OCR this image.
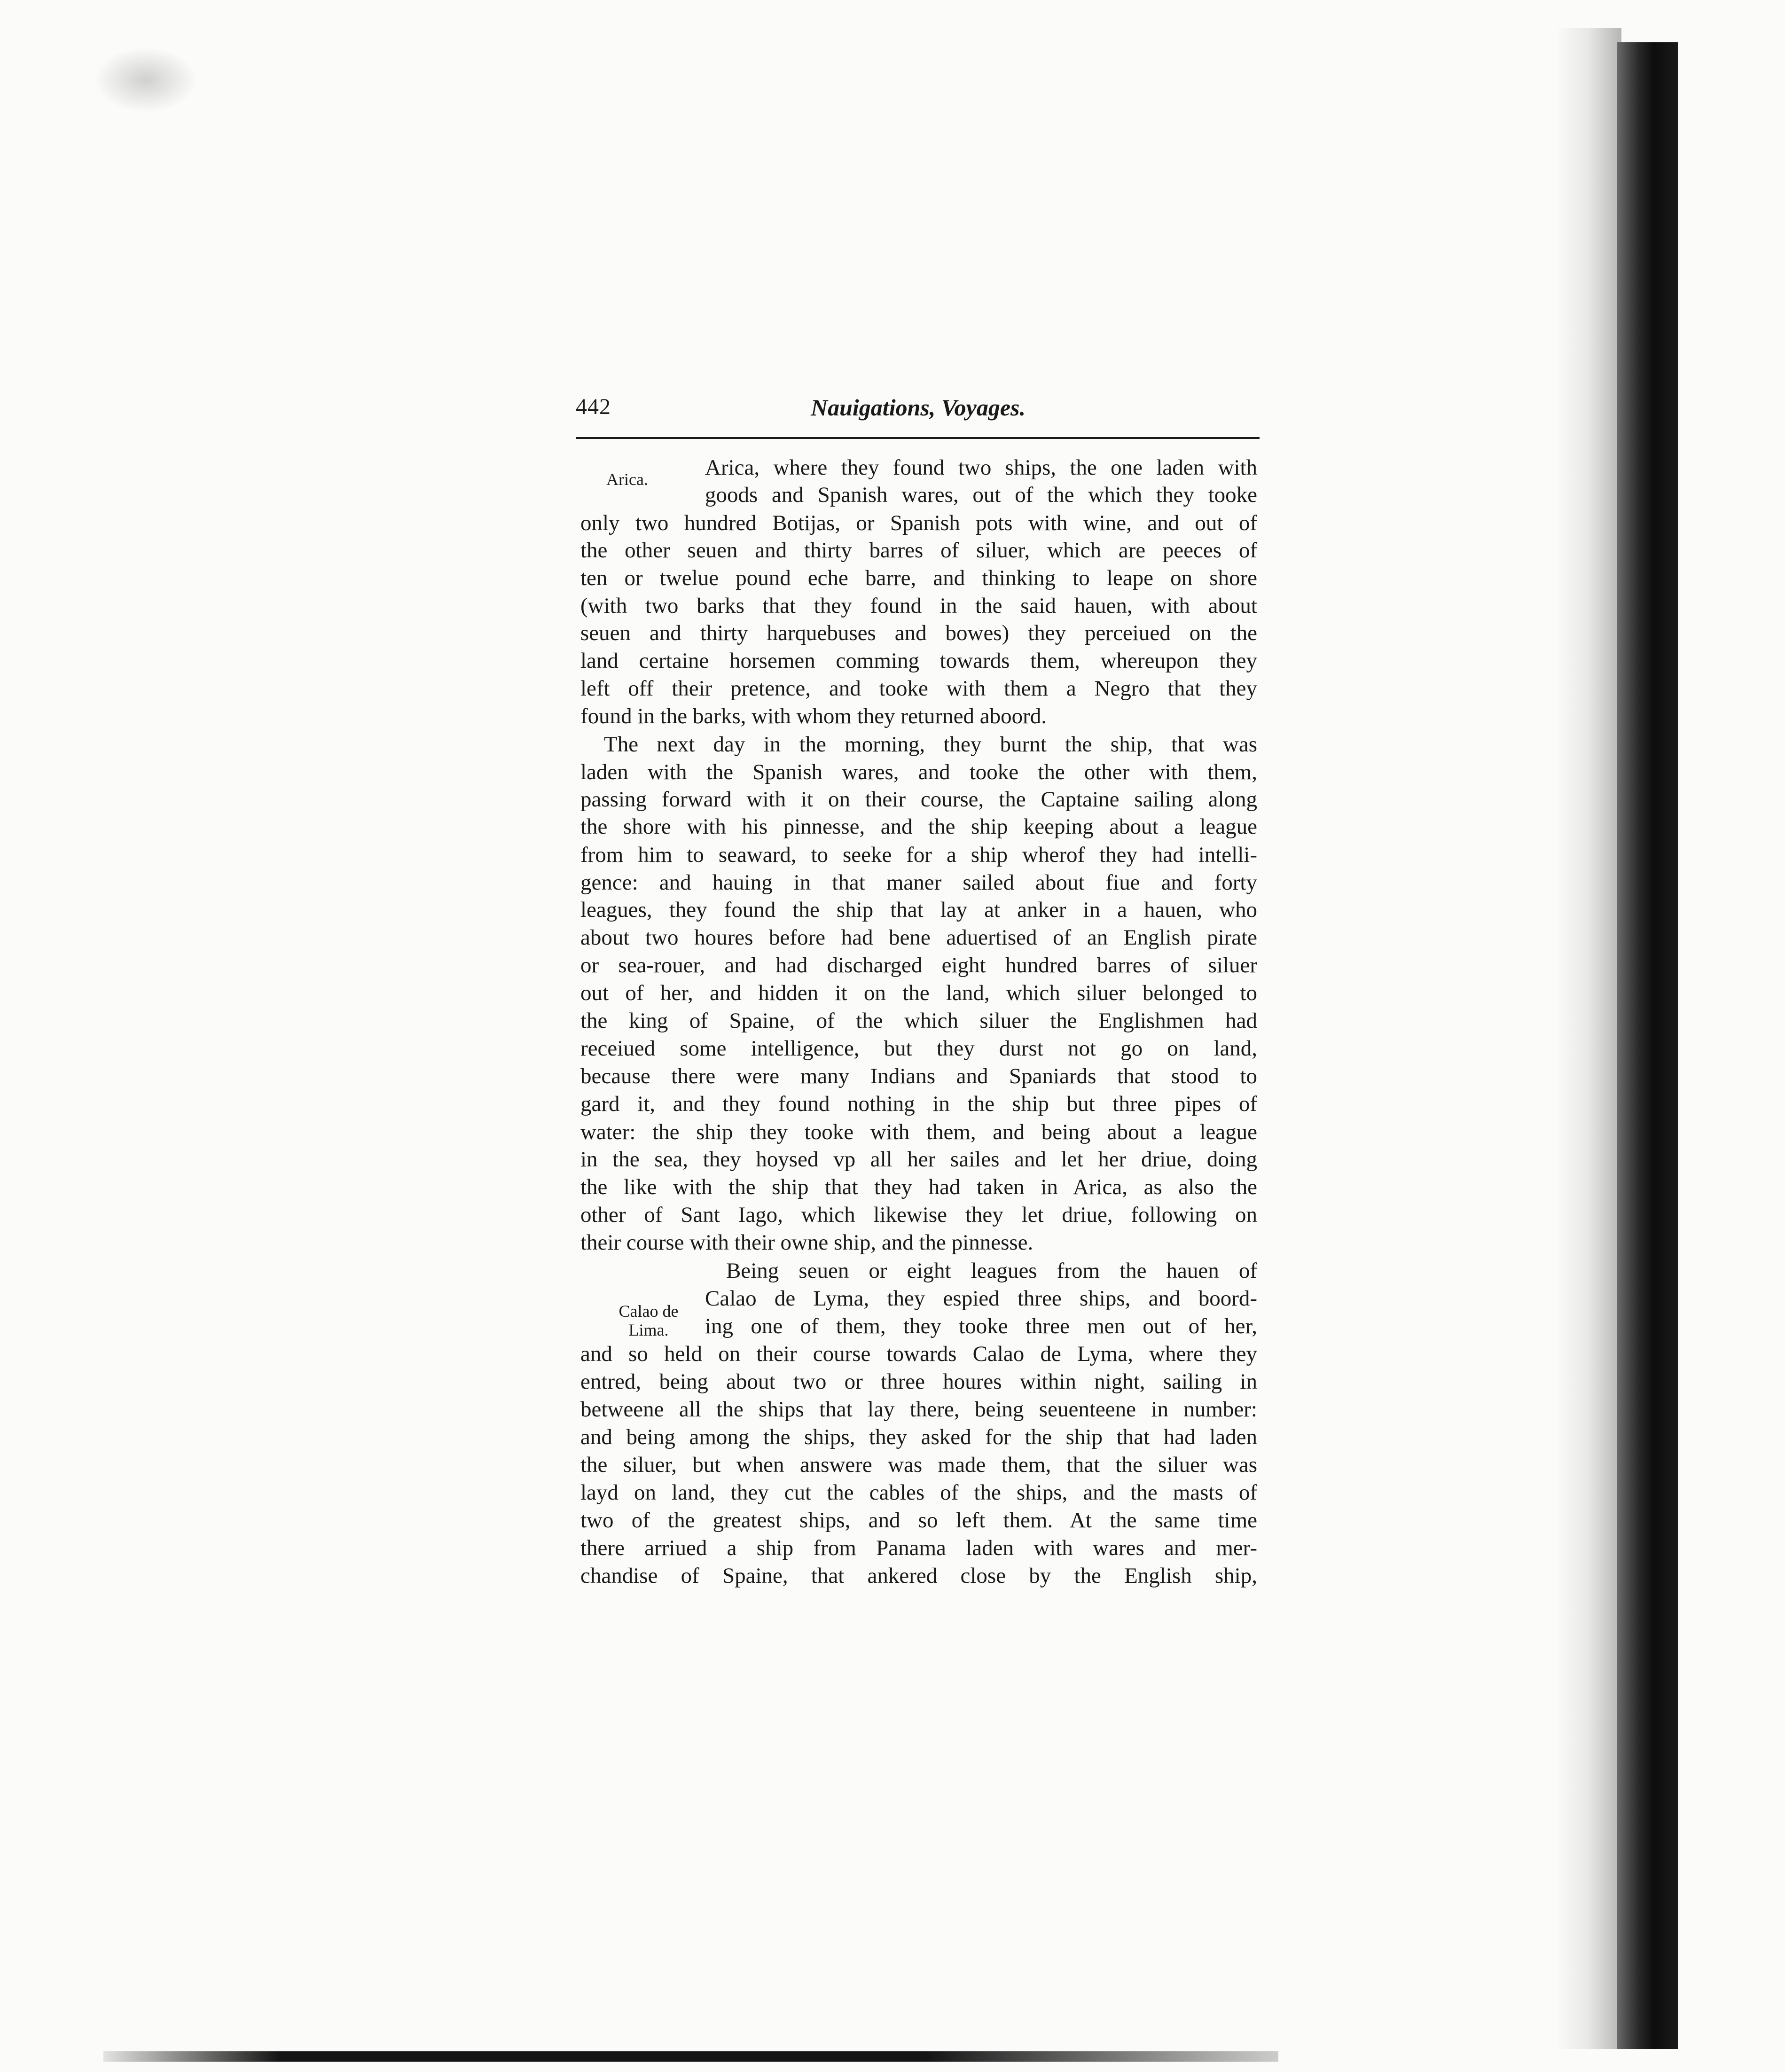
442	Nauigations, Voyages.
Arica.
Calao de
Lima.
Arica, where they found two ships, the one laden with
goods and Spanish wares, out of the which they tooke
only two hundred Botijas, or Spanish pots with wine, and out of
the other seuen and thirty barres of siluer, which are peeces of
ten or twelue pound eche barre, and thinking to leape on shore
(with two barks that they found in the said hauen, with about
seuen and thirty harquebuses and bowes) they perceiued on the
land certaine horsemen comming towards them, whereupon they
left off their pretence, and tooke with them a Negro that they
found in the barks, with whom they returned aboord.
The next day in the morning, they burnt the ship, that was
laden with the Spanish wares, and tooke the other with them,
passing forward with it on their course, the Captaine sailing along
the shore with his pinnesse, and the ship keeping about a league
from him to seaward, to seeke for a ship wherof they had intelli-
gence: and hauing in that maner sailed about fiue and forty
leagues, they found the ship that lay at anker in a hauen, who
about two houres before had bene aduertised of an English pirate
or sea-rouer, and had discharged eight hundred barres of siluer
out of her, and hidden it on the land, which siluer belonged to
the king of Spaine, of the which siluer the Englishmen had
receiued some intelligence, but they durst not go on land,
because there were many Indians and Spaniards that stood to
gard it, and they found nothing in the ship but three pipes of
water: the ship they tooke with them, and being about a league
in the sea, they hoysed vp all her sailes and let her driue, doing
the like with the ship that they had taken in Arica, as also the
other of Sant Iago, which likewise they let driue, following on
their course with their owne ship, and the pinnesse.
Being seuen or eight leagues from the hauen of
Calao de Lyma, they espied three ships, and boord-
ing one of them, they tooke three men out of her,
and so held on their course towards Calao de Lyma, where they
entred, being about two or three houres within night, sailing in
betweene all the ships that lay there, being seuenteene in number:
and being among the ships, they asked for the ship that had laden
the siluer, but when answere was made them, that the siluer was
layd on land, they cut the cables of the ships, and the masts of
two of the greatest ships, and so left them. At the same time
there arriued a ship from Panama laden with wares and mer-
chandise of Spaine, that ankered close by the English ship,
